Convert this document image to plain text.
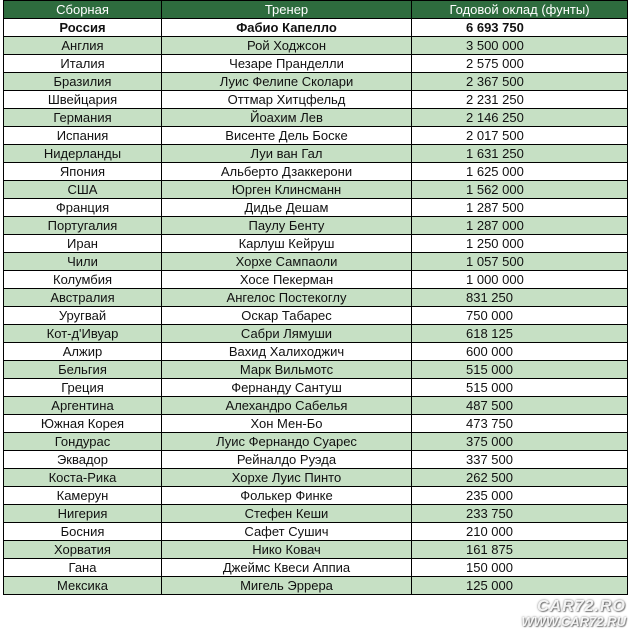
Сборная	Тренер	Годовой оклад (фунты)
Россия	Фабио Капелло	6 693 750
Англия	Рой Ходжсон	3 500 000
Италия	Чезаре Пранделли	2 575 000
Бразилия	Луис Фелипе Сколари	2 367 500
Швейцария	Оттмар Хитцфельд	2 231 250
Германия	Йоахим Лев	2 146 250
Испания	Висенте Дель Боске	2 017 500
Нидерланды	Луи ван Гал	1 631 250
Япония	Альберто Дзаккерони	1 625 000
США	Юрген Клинсманн	1 562 000
Франция	Дидье Дешам	1 287 500
Португалия	Паулу Бенту	1 287 000
Иран	Карлуш Кейруш	1 250 000
Чили	Хорхе Сампаоли	1 057 500
Колумбия	Хосе Пекерман	1 000 000
Австралия	Ангелос Постекоглу	831 250
Уругвай	Оскар Табарес	750 000
Кот-д'Ивуар	Сабри Лямуши	618 125
Алжир	Вахид Халиходжич	600 000
Бельгия	Марк Вильмотс	515 000
Греция	Фернанду Сантуш	515 000
Аргентина	Алехандро Сабелья	487 500
Южная Корея	Хон Мен-Бо	473 750
Гондурас	Луис Фернандо Суарес	375 000
Эквадор	Рейналдо Руэда	337 500
Коста-Рика	Хорхе Луис Пинто	262 500
Камерун	Фолькер Финке	235 000
Нигерия	Стефен Кеши	233 750
Босния	Сафет Сушич	210 000
Хорватия	Нико Ковач	161 875
Гана	Джеймс Квеси Аппиа	150 000
Мексика	Мигель Эррера	125 000
CAR72.RO
WWW.CAR72.RU
